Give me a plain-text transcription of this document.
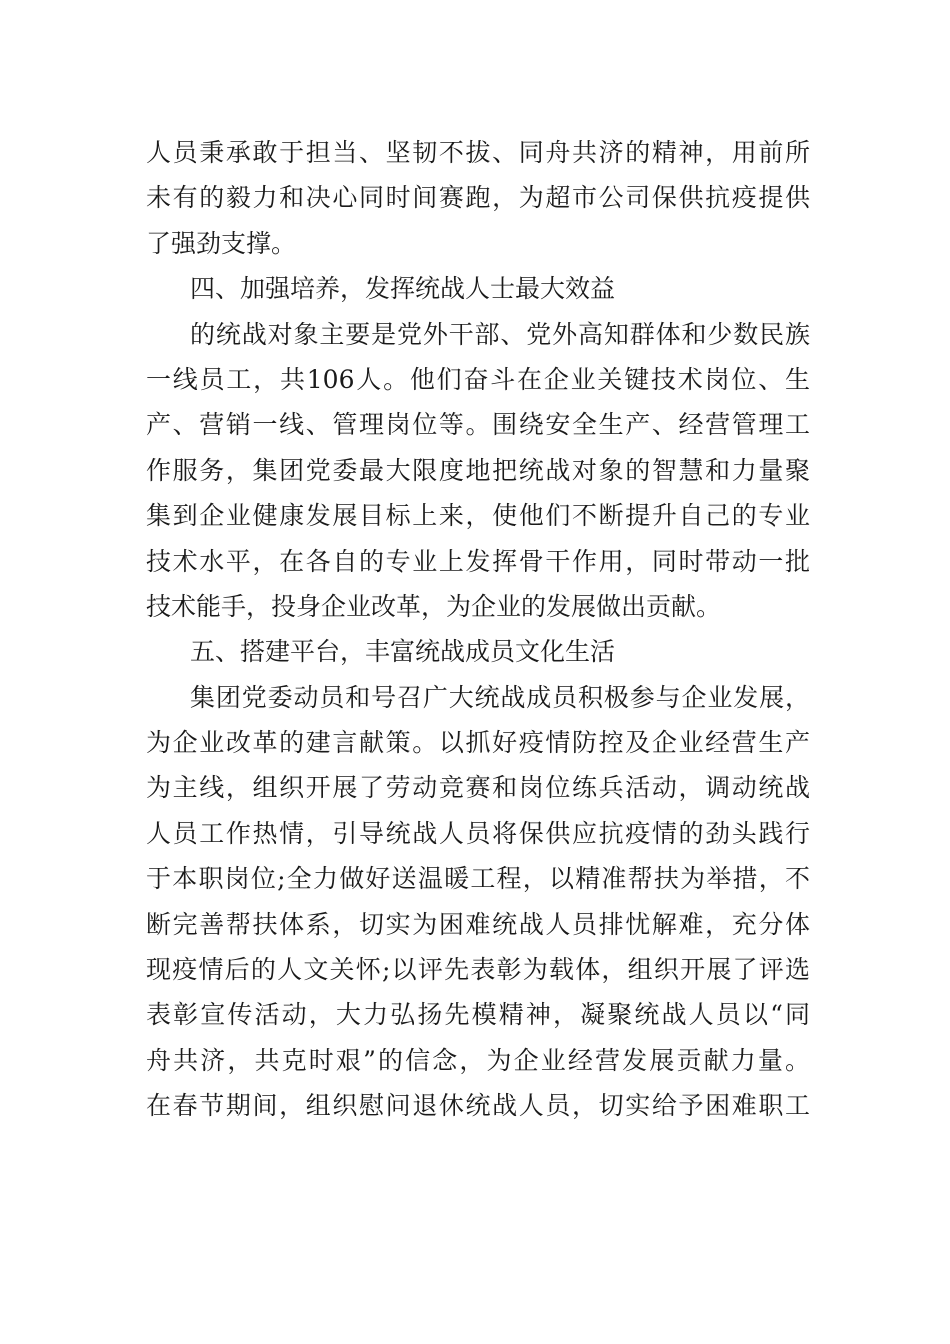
人员秉承敢于担当、坚韧不拔、同舟共济的精神，用前所
未有的毅力和决心同时间赛跑，为超市公司保供抗疫提供
了强劲支撑。
四、加强培养，发挥统战人士最大效益
的统战对象主要是党外干部、党外高知群体和少数民族
一线员工，共106人。他们奋斗在企业关键技术岗位、生
产、营销一线、管理岗位等。围绕安全生产、经营管理工
作服务，集团党委最大限度地把统战对象的智慧和力量聚
集到企业健康发展目标上来，使他们不断提升自己的专业
技术水平，在各自的专业上发挥骨干作用，同时带动一批
技术能手，投身企业改革，为企业的发展做出贡献。
五、搭建平台，丰富统战成员文化生活
集团党委动员和号召广大统战成员积极参与企业发展，
为企业改革的建言献策。以抓好疫情防控及企业经营生产
为主线，组织开展了劳动竞赛和岗位练兵活动，调动统战
人员工作热情，引导统战人员将保供应抗疫情的劲头践行
于本职岗位;全力做好送温暖工程，以精准帮扶为举措，不
断完善帮扶体系，切实为困难统战人员排忧解难，充分体
现疫情后的人文关怀;以评先表彰为载体，组织开展了评选
表彰宣传活动，大力弘扬先模精神，凝聚统战人员以“同
舟共济，共克时艰”的信念，为企业经营发展贡献力量。
在春节期间，组织慰问退休统战人员，切实给予困难职工
